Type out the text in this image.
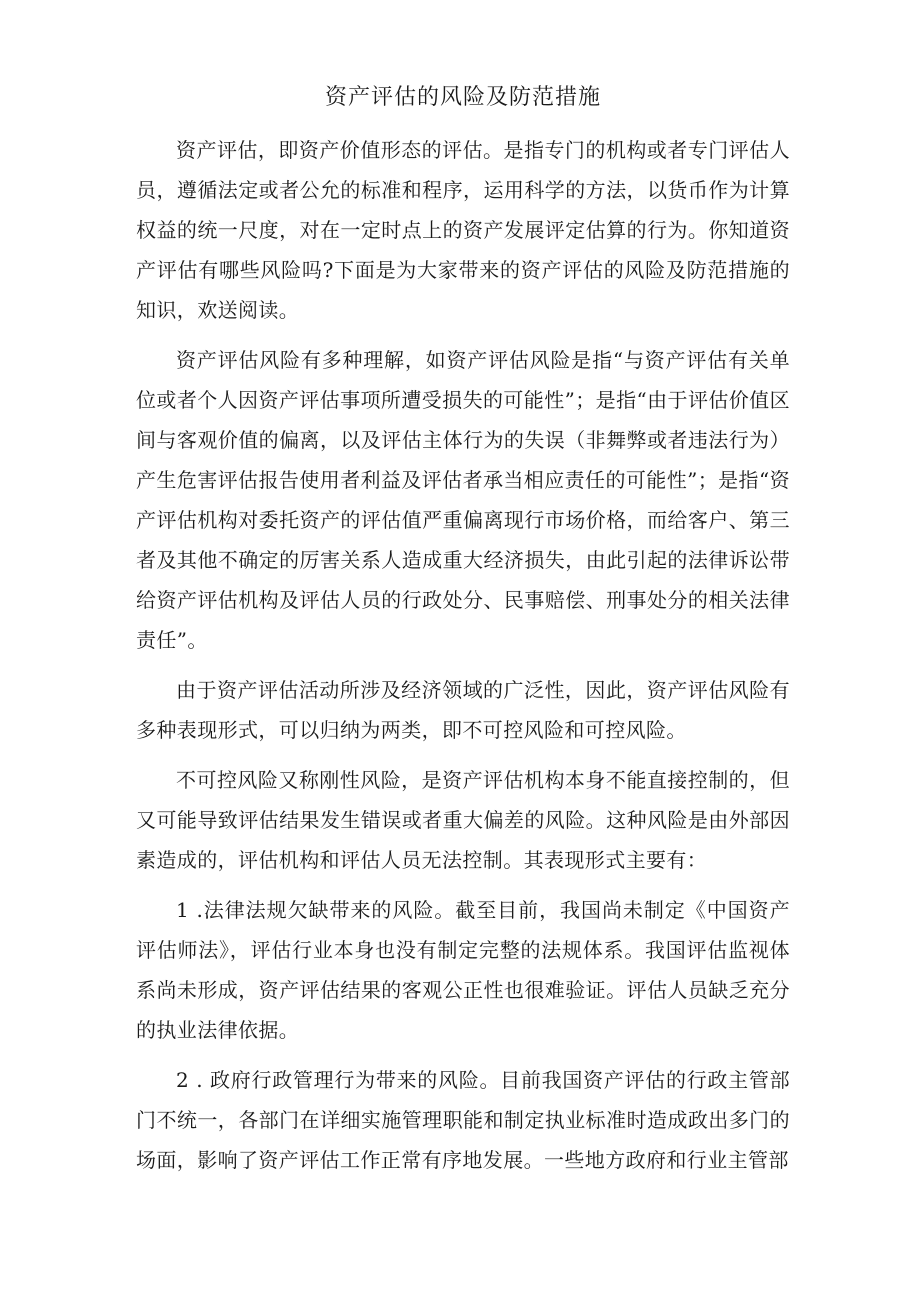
资产评估的风险及防范措施

资产评估，即资产价值形态的评估。是指专门的机构或者专门评估人员，遵循法定或者公允的标准和程序，运用科学的方法，以货币作为计算权益的统一尺度，对在一定时点上的资产发展评定估算的行为。你知道资产评估有哪些风险吗?下面是为大家带来的资产评估的风险及防范措施的知识，欢送阅读。

资产评估风险有多种理解，如资产评估风险是指“与资产评估有关单位或者个人因资产评估事项所遭受损失的可能性”；是指“由于评估价值区间与客观价值的偏离，以及评估主体行为的失误（非舞弊或者违法行为）产生危害评估报告使用者利益及评估者承当相应责任的可能性”；是指“资产评估机构对委托资产的评估值严重偏离现行市场价格，而给客户、第三者及其他不确定的厉害关系人造成重大经济损失，由此引起的法律诉讼带给资产评估机构及评估人员的行政处分、民事赔偿、刑事处分的相关法律责任”。

由于资产评估活动所涉及经济领域的广泛性，因此，资产评估风险有多种表现形式，可以归纳为两类，即不可控风险和可控风险。

不可控风险又称刚性风险，是资产评估机构本身不能直接控制的，但又可能导致评估结果发生错误或者重大偏差的风险。这种风险是由外部因素造成的，评估机构和评估人员无法控制。其表现形式主要有：

1 .法律法规欠缺带来的风险。截至目前，我国尚未制定《中国资产评估师法》，评估行业本身也没有制定完整的法规体系。我国评估监视体系尚未形成，资产评估结果的客观公正性也很难验证。评估人员缺乏充分的执业法律依据。

2 . 政府行政管理行为带来的风险。目前我国资产评估的行政主管部门不统一，各部门在详细实施管理职能和制定执业标准时造成政出多门的场面，影响了资产评估工作正常有序地发展。一些地方政府和行业主管部
